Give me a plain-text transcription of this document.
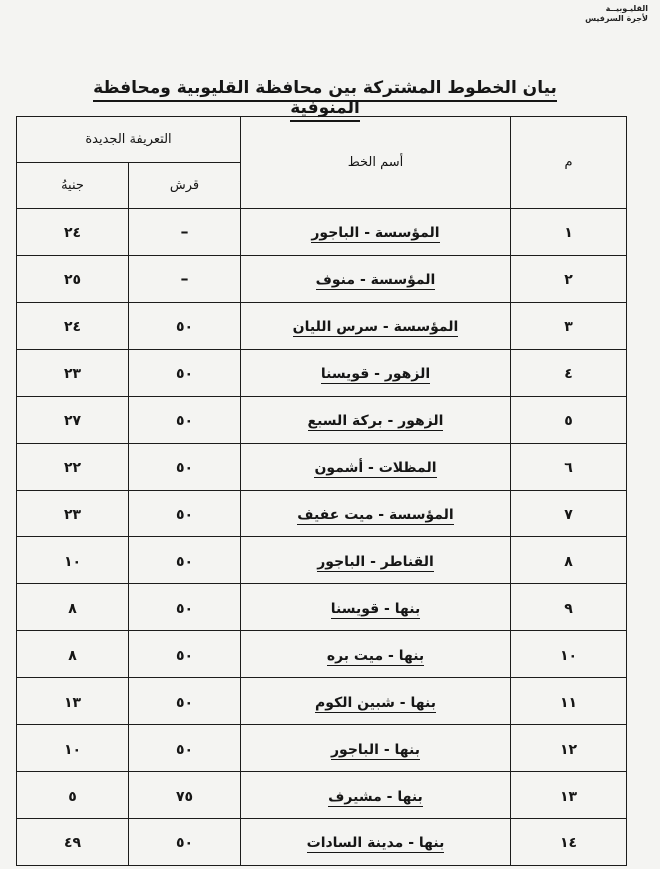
القليـوبيــة
لأجرة السرفيس
بيان الخطوط المشتركة بين محافظة القليوبية ومحافظة المنوفية
م	أسم الخط	التعريفة الجديدة	
		قرش	جنيهُ
١	المؤسسة - الباجور	–	٢٤
٢	المؤسسة - منوف	–	٢٥
٣	المؤسسة - سرس الليان	٥٠	٢٤
٤	الزهور - قويسنا	٥٠	٢٣
٥	الزهور - بركة السبع	٥٠	٢٧
٦	المظلات - أشمون	٥٠	٢٢
٧	المؤسسة - ميت عفيف	٥٠	٢٣
٨	القناطر - الباجور	٥٠	١٠
٩	بنها - قويسنا	٥٠	٨
١٠	بنها - ميت بره	٥٠	٨
١١	بنها - شبين الكوم	٥٠	١٣
١٢	بنها - الباجور	٥٠	١٠
١٣	بنها - مشيرف	٧٥	٥
١٤	بنها - مدينة السادات	٥٠	٤٩
